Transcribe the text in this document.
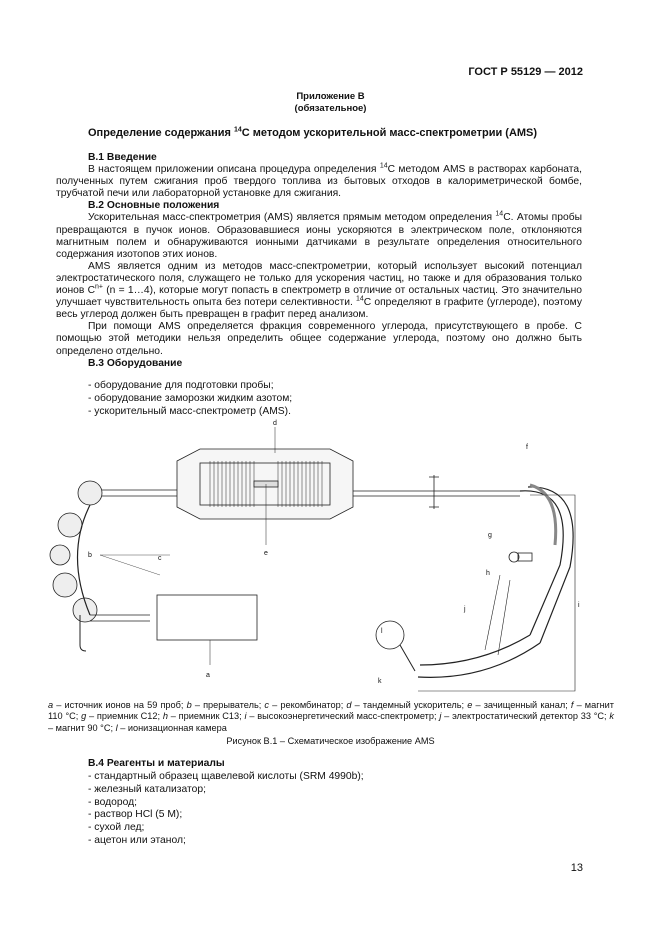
ГОСТ Р 55129 — 2012
Приложение В
(обязательное)
Определение содержания $^{14}$С методом ускорительной масс-спектрометрии (AMS)

В.1 Введение

В настоящем приложении описана процедура определения $^{14}$С методом AMS в растворах карбоната, полученных путем сжигания проб твердого топлива из бытовых отходов в калориметрической бомбе, трубчатой печи или лабораторной установке для сжигания.

В.2 Основные положения

Ускорительная масс-спектрометрия (AMS) является прямым методом определения $^{14}$С. Атомы пробы превращаются в пучок ионов. Образовавшиеся ионы ускоряются в электрическом поле, отклоняются магнитным полем и обнаруживаются ионными датчиками в результате определения относительного содержания изотопов этих ионов.

AMS является одним из методов масс-спектрометрии, который использует высокий потенциал электростатического поля, служащего не только для ускорения частиц, но также и для образования только ионов $C^{n+}$ (n = 1…4), которые могут попасть в спектрометр в отличие от остальных частиц. Это значительно улучшает чувствительность опыта без потери селективности. $^{14}$С определяют в графите (углероде), поэтому весь углерод должен быть превращен в графит перед анализом.

При помощи AMS определяется фракция современного углерода, присутствующего в пробе. С помощью этой методики нельзя определить общее содержание углерода, поэтому оно должно быть определено отдельно.

В.3 Оборудование

- оборудование для подготовки пробы;
- оборудование заморозки жидким азотом;
- ускорительный масс-спектрометр (AMS).
d
e
f
g
h
i
j
l
k
c
b
a
a – источник ионов на 59 проб; b – прерыватель; c – рекомбинатор; d – тандемный ускоритель; e – зачищенный канал; f – магнит 110 °С; g – приемник С12; h – приемник С13; i – высокоэнергетический масс-спектрометр; j – электростатический детектор 33 °С; k – магнит 90 °С; l – ионизационная камера
Рисунок В.1 – Схематическое изображение AMS

В.4 Реагенты и материалы

- стандартный образец щавелевой кислоты (SRM 4990b);
- железный катализатор;
- водород;
- раствор HCl (5 M);
- сухой лед;
- ацетон или этанол;
13
